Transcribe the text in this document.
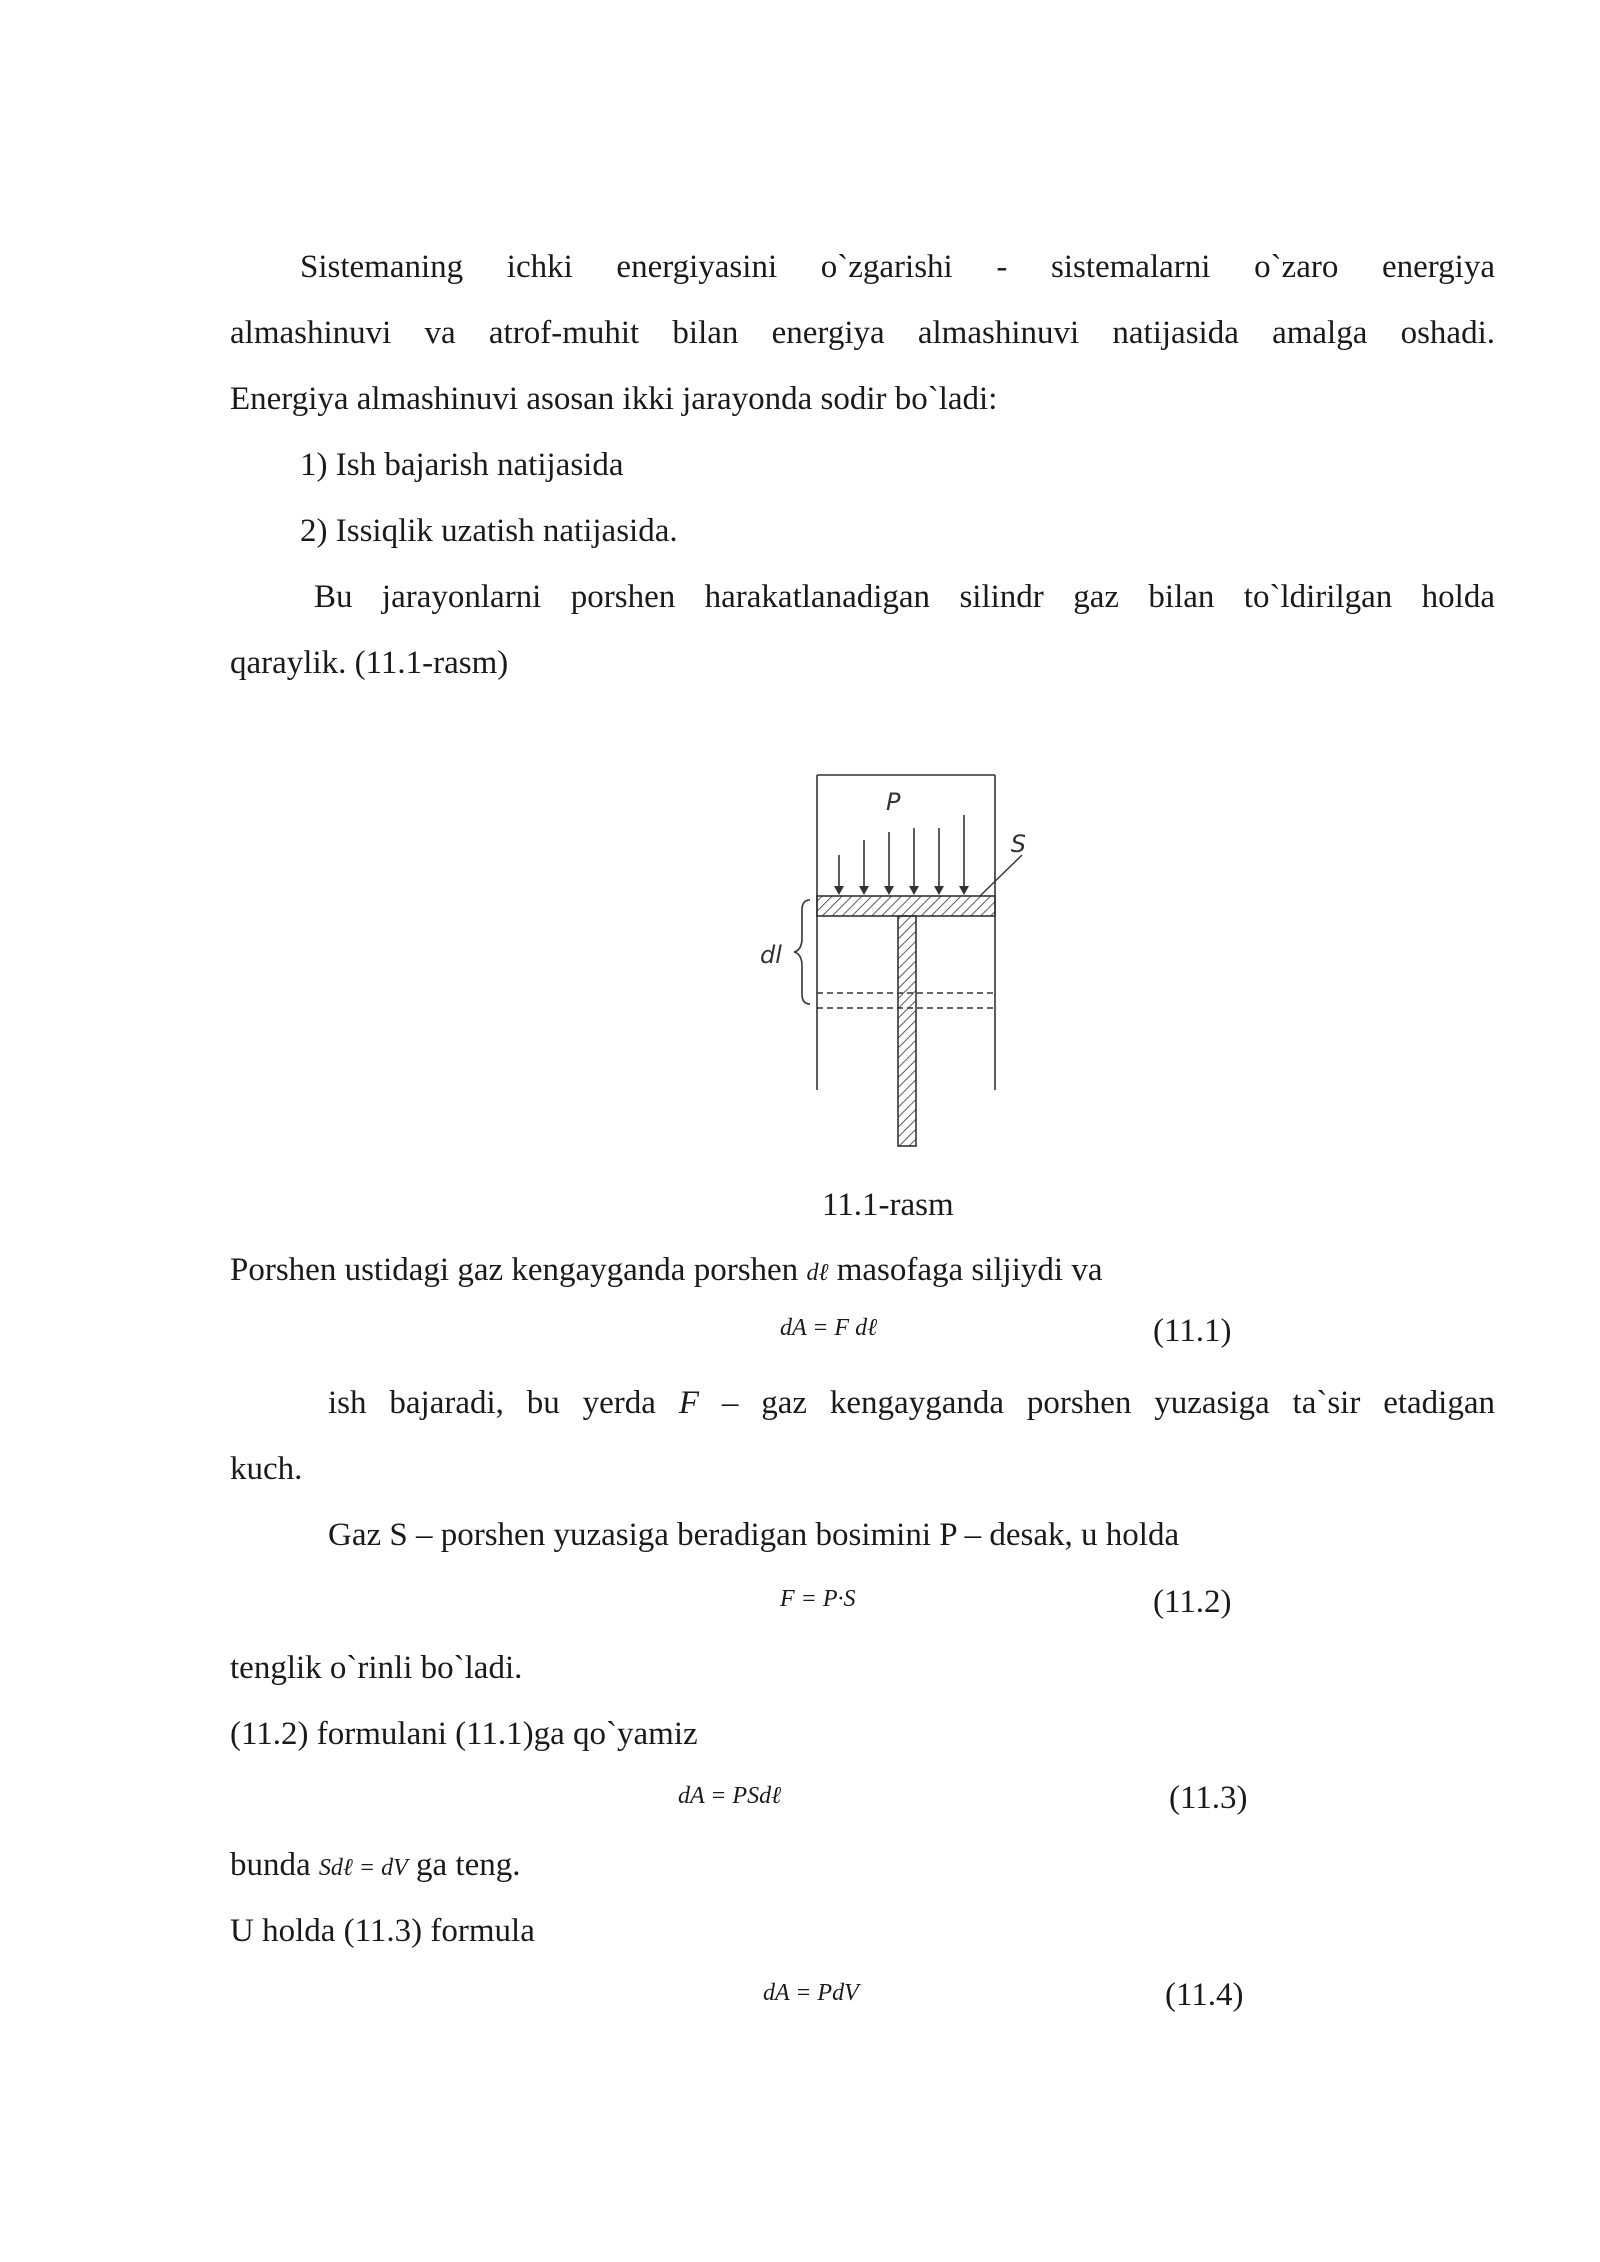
Sistemaning ichki energiyasini o`zgarishi - sistemalarni o`zaro energiya
almashinuvi va atrof-muhit bilan energiya almashinuvi natijasida amalga oshadi.
Energiya almashinuvi asosan ikki jarayonda sodir bo`ladi:
1) Ish bajarish natijasida
2) Issiqlik uzatish natijasida.
Bu jarayonlarni porshen harakatlanadigan silindr gaz bilan to`ldirilgan holda
qaraylik. (11.1-rasm)
P
S
dl
11.1-rasm
Porshen ustidagi gaz kengayganda porshen dℓ masofaga siljiydi va
dA = F dℓ	(11.1)
ish bajaradi, bu yerda F – gaz kengayganda porshen yuzasiga ta`sir etadigan
kuch.
Gaz S – porshen yuzasiga beradigan bosimini P – desak, u holda
F = P·S	(11.2)
tenglik o`rinli bo`ladi.
(11.2) formulani (11.1)ga qo`yamiz
dA = PSdℓ	(11.3)
bunda Sdℓ = dV ga teng.
U holda (11.3) formula
dA = PdV	(11.4)
